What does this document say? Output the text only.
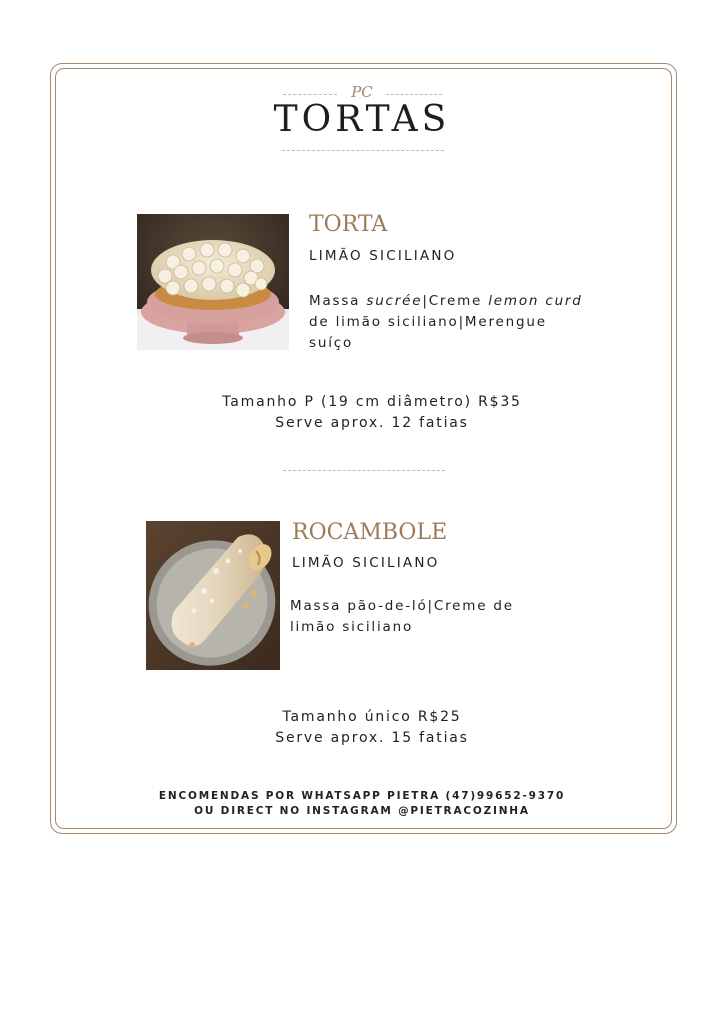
PC
TORTAS
TORTA
LIMÃO SICILIANO
Massa sucrée|Creme lemon curd
de limão siciliano|Merengue
suíço
Tamanho P (19 cm diâmetro) R$35
Serve aprox. 12 fatias
ROCAMBOLE
LIMÃO SICILIANO
Massa pão-de-ló|Creme de
limão siciliano
Tamanho único R$25
Serve aprox. 15 fatias
ENCOMENDAS POR WHATSAPP PIETRA (47)99652-9370
OU DIRECT NO INSTAGRAM @PIETRACOZINHA
